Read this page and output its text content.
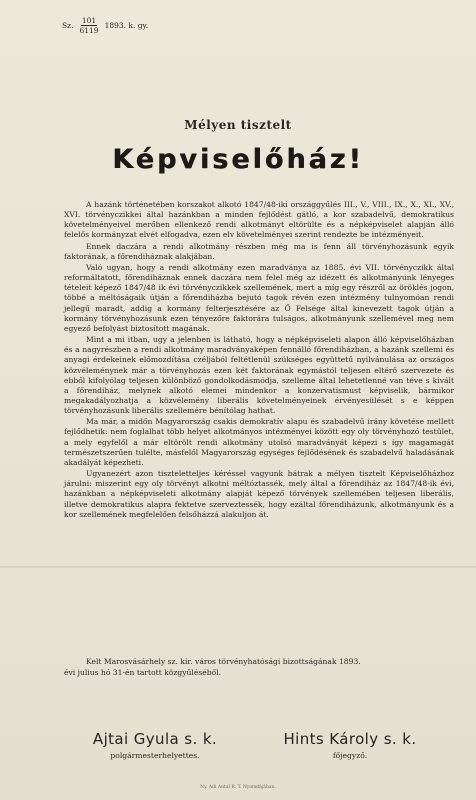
Sz. $\frac{101}{6119} 1893$. k. gy.
Mélyen tisztelt
Képviselőház!

A hazánk történetében korszakot alkotó 1847/48-iki országgyűlés III., V., VIII., IX., X., XI., XV., XVI. törvényczikkei által hazánkban a minden fejlődést gátló, a kor szabadelvű, demokratikus követelményeivel merőben ellenkező rendi alkotmányt eltörülte és a népképviselet alapján álló felelős kormányzat elvét elfogadva, ezen elv követelményei szerint rendezte be intézményeit.

Ennek daczára a rendi alkotmány részben még ma is fenn áll törvényhozásunk egyik faktorának, a főrendiháznak alakjában.

Való ugyan, hogy a rendi alkotmány ezen maradványa az 1885. évi VII. törvényczikk által reformáltatott, főrendiháznak ennek daczára nem felel még az idézett és alkotmányunk lényeges tételeit képező 1847/48 ik évi törvényczikkek szellemének, mert a míg egy részről az öröklés jogon, többé a méltóságaik útján a főrendiházba bejutó tagok révén ezen intézmény tulnyomóan rendi jellegű maradt, addig a kormány felterjesztésére az Ő Felsége által kinevezett tagok útján a kormány törvényhozásunk ezen tényezőre faktorára tulságos, alkotmányunk szellemével meg nem egyező befolyást biztosított magának.

Mint a mi itban, ugy a jelenben is látható, hogy a népképviseleti alapon álló képviselőházban és a nagyrészben a rendi alkotmány maradványaképen fennálló főrendiházban, a hazánk szellemi és anyagi érdekeinek előmozdítása czéljából feltétlenül szükséges együttetű nyilvánulása az országos közvéleménynek már a törvényhozás ezen két faktorának egymástól teljesen eltérő szervezete és ebből kifolyólag teljesen különböző gondolkodásmódja, szelleme által lehetetlenné van téve s kivált a főrendiház, melynek alkotó elemei mindenkor a konzervatismust képviselik, bármikor megakadályozhatja a közvélemény liberális követelményeinek érvényesülését s e képpen törvényhozásunk liberális szellemére bénítólag hathat.

Ma már, a midőn Magyarország csakis demokratív alapu és szabadelvű irány követése mellett fejlődhetik: nem foglalhat több helyet alkotmányos intézményei között egy oly törvényhozó testület, a mely egyfelől a már eltörölt rendi alkotmány utolsó maradványát képezi s így magamagát természetszerűen tulélte, másfelől Magyarország egységes fejlődésének és szabadelvű haladásának akadályát képezheti.

Ugyanezért azon tiszteletteljes kéréssel vagyunk bátrak a mélyen tisztelt Képviselőházhoz járulni: miszerint egy oly törvényt alkotni méltóztassék, mely által a főrendiház az 1847/48-ik évi, hazánkban a népképviseleti alkotmány alapját képező törvények szellemében teljesen liberális, illetve demokratikus alapra fektetve szerveztessék, hogy ezáltal főrendiházunk, alkotmányunk és a kor szellemének megfelelően felsőházzá alakuljon át.

Kelt Marosvásárhely sz. kir. város törvényhatósági bizottságának 1893.
évi julius hó 31-én tartott közgyűléséből.
Ajtai Gyula s. k.
polgármesterhelyettes.
Hints Károly s. k.
főjegyző.
Ny. Adi Antal R. T. Nyomdájában.
